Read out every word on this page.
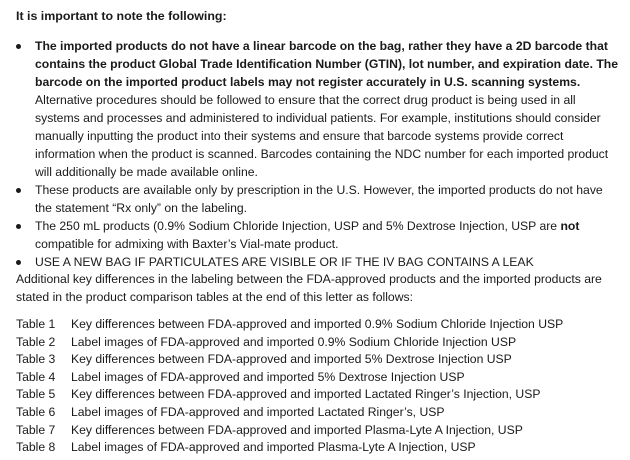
It is important to note the following:
The imported products do not have a linear barcode on the bag, rather they have a 2D barcode that contains the product Global Trade Identification Number (GTIN), lot number, and expiration date. The barcode on the imported product labels may not register accurately in U.S. scanning systems. Alternative procedures should be followed to ensure that the correct drug product is being used in all systems and processes and administered to individual patients. For example, institutions should consider manually inputting the product into their systems and ensure that barcode systems provide correct information when the product is scanned. Barcodes containing the NDC number for each imported product will additionally be made available online.
These products are available only by prescription in the U.S. However, the imported products do not have the statement “Rx only” on the labeling.
The 250 mL products (0.9% Sodium Chloride Injection, USP and 5% Dextrose Injection, USP are not compatible for admixing with Baxter’s Vial-mate product.
USE A NEW BAG IF PARTICULATES ARE VISIBLE OR IF THE IV BAG CONTAINS A LEAK
Additional key differences in the labeling between the FDA-approved products and the imported products are stated in the product comparison tables at the end of this letter as follows:
Table 1 Key differences between FDA-approved and imported 0.9% Sodium Chloride Injection USP
Table 2 Label images of FDA-approved and imported 0.9% Sodium Chloride Injection USP
Table 3 Key differences between FDA-approved and imported 5% Dextrose Injection USP
Table 4 Label images of FDA-approved and imported 5% Dextrose Injection USP
Table 5 Key differences between FDA-approved and imported Lactated Ringer’s Injection, USP
Table 6 Label images of FDA-approved and imported Lactated Ringer’s, USP
Table 7 Key differences between FDA-approved and imported Plasma-Lyte A Injection, USP
Table 8 Label images of FDA-approved and imported Plasma-Lyte A Injection, USP
